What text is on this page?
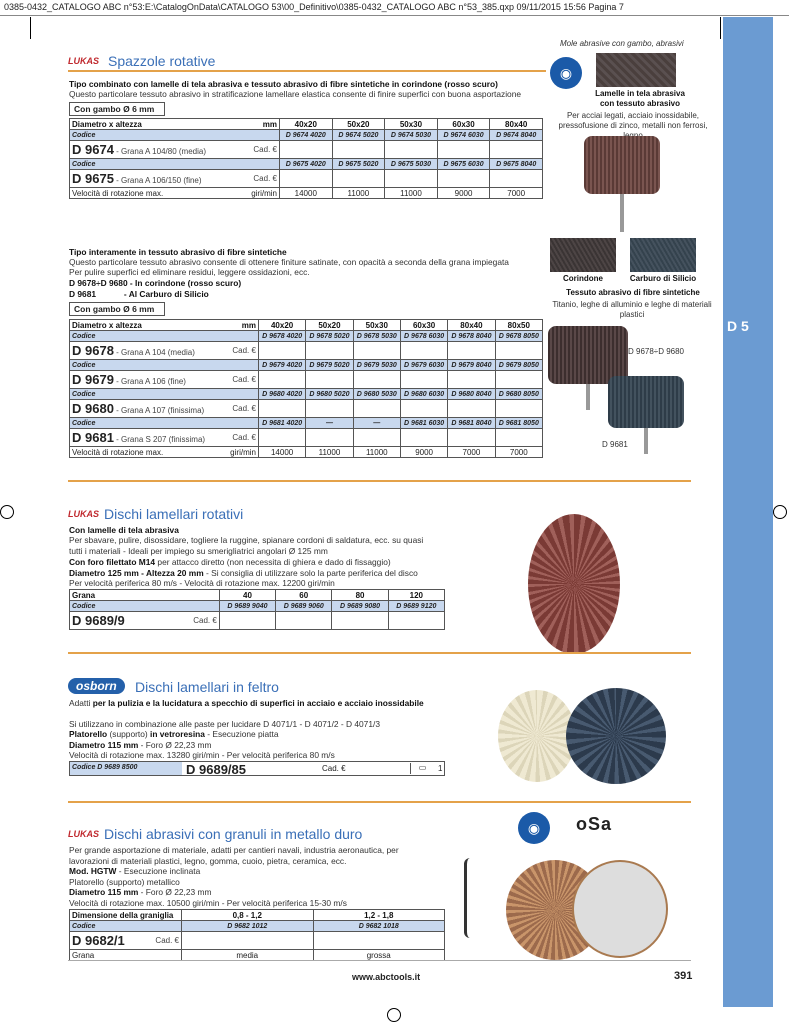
0385-0432_CATALOGO ABC n°53:E:\CatalogOnData\CATALOGO 53\00_Definitivo\0385-0432_CATALOGO ABC n°53_385.qxp 09/11/2015 15:56 Pagina 7
D 5
Mole abrasive con gambo, abrasivi
LUKAS Spazzole rotative
Tipo combinato con lamelle di tela abrasiva e tessuto abrasivo di fibre sintetiche in corindone (rosso scuro)
Questo particolare tessuto abrasivo in stratificazione lamellare elastica consente di finire superfici con buona asportazione
Con gambo Ø 6 mm
Diametro x altezza mm	40x20	50x20	50x30	60x30	80x40
Codice	D 9674 4020	D 9674 5020	D 9674 5030	D 9674 6030	D 9674 8040
D 9674 - Grana A 104/80 (media) Cad. €					

Codice	D 9675 4020	D 9675 5020	D 9675 5030	D 9675 6030	D 9675 8040
D 9675 - Grana A 106/150 (fine) Cad. €					

Velocità di rotazione max. giri/min	14000	11000	11000	9000	7000
◉
Lamelle in tela abrasiva con tessuto abrasivo
Per acciai legati, acciaio inossidabile, pressofusione di zinco, metalli non ferrosi,
Tipo interamente in tessuto abrasivo di fibre sintetiche
Questo particolare tessuto abrasivo consente di ottenere finiture satinate, con opacità a seconda della grana impiegata
Per pulire superfici ed eliminare residui, leggere ossidazioni, ecc.
D 9678÷D 9680 - In corindone (rosso scuro)
D 9681            - Al Carburo di Silicio
Con gambo Ø 6 mm
Diametro x altezza mm	40x20	50x20	50x30	60x30	80x40	80x50
Codice	D 9678 4020	D 9678 5020	D 9678 5030	D 9678 6030	D 9678 8040	D 9678 8050
D 9678 - Grana A 104 (media) Cad. €						

Codice	D 9679 4020	D 9679 5020	D 9679 5030	D 9679 6030	D 9679 8040	D 9679 8050
D 9679 - Grana A 106 (fine) Cad. €						

Codice	D 9680 4020	D 9680 5020	D 9680 5030	D 9680 6030	D 9680 8040	D 9680 8050
D 9680 - Grana A 107 (finissima) Cad. €						

Codice	D 9681 4020	—	—	D 9681 6030	D 9681 8040	D 9681 8050
D 9681 - Grana S 207 (finissima) Cad. €						

Velocità di rotazione max. giri/min	14000	11000	11000	9000	7000	7000
Corindone	Carburo di Silicio
Tessuto abrasivo di fibre sintetiche
Titanio, leghe di alluminio e leghe di materiali plastici
D 9678÷D 9680
D 9681
LUKAS Dischi lamellari rotativi
Con lamelle di tela abrasiva
Per sbavare, pulire, disossidare, togliere la ruggine, spianare cordoni di saldatura, ecc. su quasi
tutti i materiali - Ideali per impiego su smerigliatrici angolari Ø 125 mm
Con foro filettato M14 per attacco diretto (non necessita di ghiera e dado di fissaggio)
Diametro 125 mm - Altezza 20 mm - Si consiglia di utilizzare solo la parte periferica del disco
Per velocità periferica 80 m/s - Velocità di rotazione max. 12200 giri/min
Grana	40	60	80	120
Codice	D 9689 9040	D 9689 9060	D 9689 9080	D 9689 9120
D 9689/9 Cad. €				

osborn	Dischi lamellari in feltro
Adatti per la pulizia e la lucidatura a specchio di superfici in acciaio e acciaio inossidabile
Si utilizzano in combinazione alle paste per lucidare D 4071/1 - D 4071/2 - D 4071/3
Platorello (supporto) in vetroresina - Esecuzione piatta
Diametro 115 mm - Foro Ø 22,23 mm
Velocità di rotazione max. 13280 giri/min - Per velocità periferica 80 m/s
Codice D 9689 8500	D 9689/85	Cad. €	▭	1
LUKAS Dischi abrasivi con granuli in metallo duro
Per grande asportazione di materiale, adatti per cantieri navali, industria aeronautica, per
lavorazioni di materiali plastici, legno, gomma, cuoio, pietra, ceramica, ecc.
Mod. HGTW - Esecuzione inclinata
Platorello (supporto) metallico
Diametro 115 mm - Foro Ø 22,23 mm
Velocità di rotazione max. 10500 giri/min - Per velocità periferica 15-30 m/s
Dimensione della graniglia	0,8 - 1,2	1,2 - 1,8
Codice	D 9682 1012	D 9682 1018
D 9682/1 Cad. €		

Grana	media	grossa
◉	oSa
www.abctools.it	391
